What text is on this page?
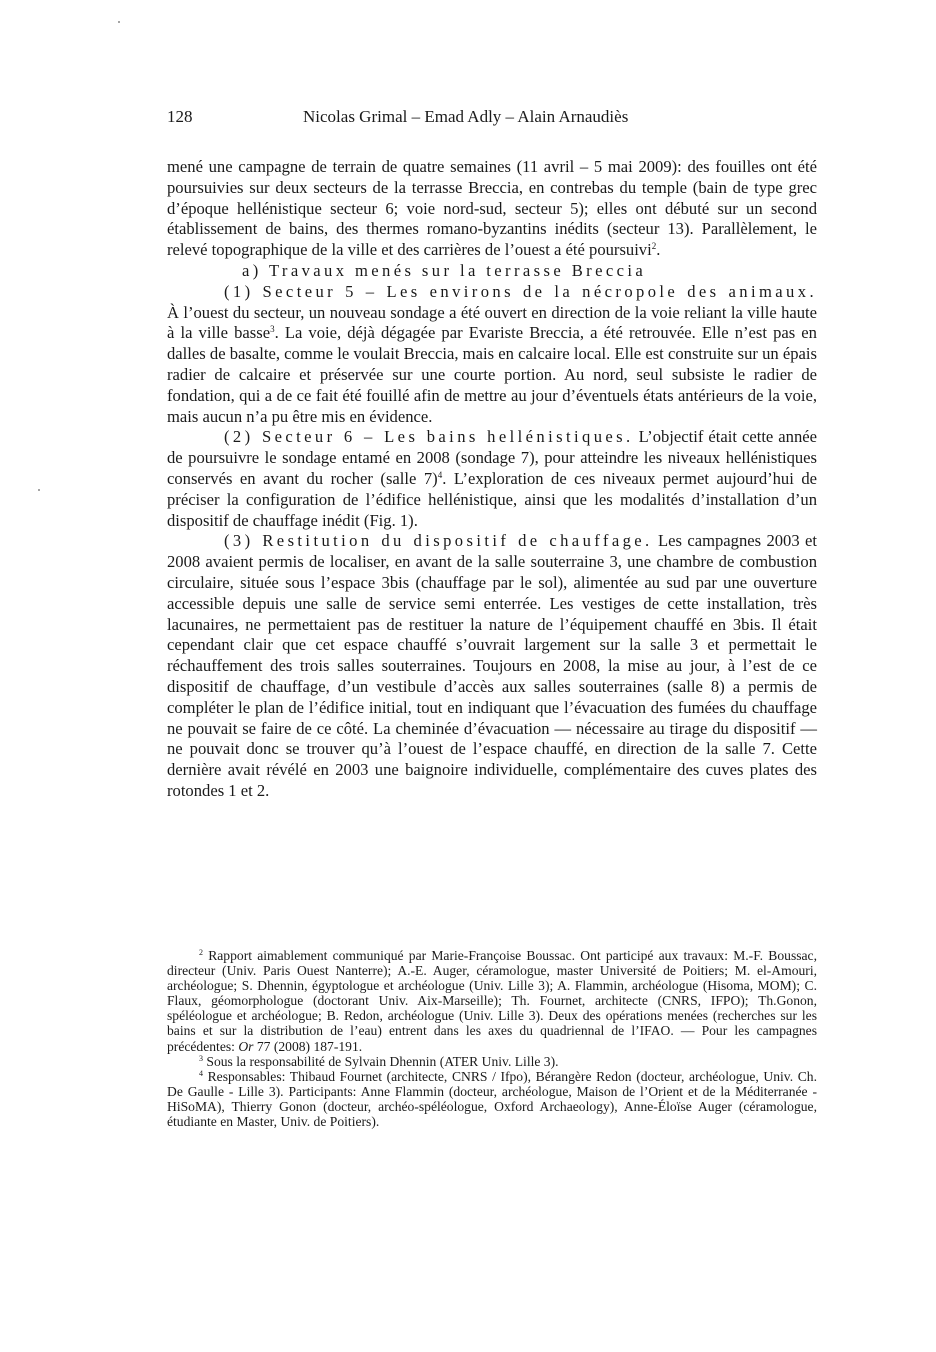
128	Nicolas Grimal – Emad Adly – Alain Arnaudiès

mené une campagne de terrain de quatre semaines (11 avril – 5 mai 2009): des fouilles ont été poursuivies sur deux secteurs de la terrasse Breccia, en contrebas du temple (bain de type grec d’époque hellénistique secteur 6; voie nord-sud, secteur 5); elles ont débuté sur un second établissement de bains, des thermes romano-byzantins inédits (secteur 13). Parallèlement, le relevé topographique de la ville et des carrières de l’ouest a été poursuivi$^2$.

a) Travaux menés sur la terrasse Breccia

(1) Secteur 5 – Les environs de la nécropole des animaux. À l’ouest du secteur, un nouveau sondage a été ouvert en direction de la voie reliant la ville haute à la ville basse$^3$. La voie, déjà dégagée par Evariste Breccia, a été retrouvée. Elle n’est pas en dalles de basalte, comme le voulait Breccia, mais en calcaire local. Elle est construite sur un épais radier de calcaire et préservée sur une courte portion. Au nord, seul subsiste le radier de fondation, qui a de ce fait été fouillé afin de mettre au jour d’éventuels états antérieurs de la voie, mais aucun n’a pu être mis en évidence.

(2) Secteur 6 – Les bains hellénistiques. L’objectif était cette année de poursuivre le sondage entamé en 2008 (sondage 7), pour atteindre les niveaux hellénistiques conservés en avant du rocher (salle 7)$^4$. L’exploration de ces niveaux permet aujourd’hui de préciser la configuration de l’édifice hellénistique, ainsi que les modalités d’installation d’un dispositif de chauffage inédit (Fig. 1).

(3) Restitution du dispositif de chauffage. Les campagnes 2003 et 2008 avaient permis de localiser, en avant de la salle souterraine 3, une chambre de combustion circulaire, située sous l’espace 3bis (chauffage par le sol), alimentée au sud par une ouverture accessible depuis une salle de service semi enterrée. Les vestiges de cette installation, très lacunaires, ne permettaient pas de restituer la nature de l’équipement chauffé en 3bis. Il était cependant clair que cet espace chauffé s’ouvrait largement sur la salle 3 et permettait le réchauffement des trois salles souterraines. Toujours en 2008, la mise au jour, à l’est de ce dispositif de chauffage, d’un vestibule d’accès aux salles souterraines (salle 8) a permis de compléter le plan de l’édifice initial, tout en indiquant que l’évacuation des fumées du chauffage ne pouvait se faire de ce côté. La cheminée d’évacuation — nécessaire au tirage du dispositif — ne pouvait donc se trouver qu’à l’ouest de l’espace chauffé, en direction de la salle 7. Cette dernière avait révélé en 2003 une baignoire individuelle, complémentaire des cuves plates des rotondes 1 et 2.

$^2$ Rapport aimablement communiqué par Marie-Françoise Boussac. Ont participé aux travaux: M.-F. Boussac, directeur (Univ. Paris Ouest Nanterre); A.-E. Auger, céramologue, master Université de Poitiers; M. el-Amouri, archéologue; S. Dhennin, égyptologue et archéologue (Univ. Lille 3); A. Flammin, archéologue (Hisoma, MOM); C. Flaux, géomorphologue (doctorant Univ. Aix-Marseille); Th. Fournet, architecte (CNRS, IFPO); Th.Gonon, spéléologue et archéologue; B. Redon, archéologue (Univ. Lille 3). Deux des opérations menées (recherches sur les bains et sur la distribution de l’eau) entrent dans les axes du quadriennal de l’IFAO. — Pour les campagnes précédentes: Or 77 (2008) 187-191.

$^3$ Sous la responsabilité de Sylvain Dhennin (ATER Univ. Lille 3).

$^4$ Responsables: Thibaud Fournet (architecte, CNRS / Ifpo), Bérangère Redon (docteur, archéologue, Univ. Ch. De Gaulle - Lille 3). Participants: Anne Flammin (docteur, archéologue, Maison de l’Orient et de la Méditerranée - HiSoMA), Thierry Gonon (docteur, archéo-spéléologue, Oxford Archaeology), Anne-Éloïse Auger (céramologue, étudiante en Master, Univ. de Poitiers).
